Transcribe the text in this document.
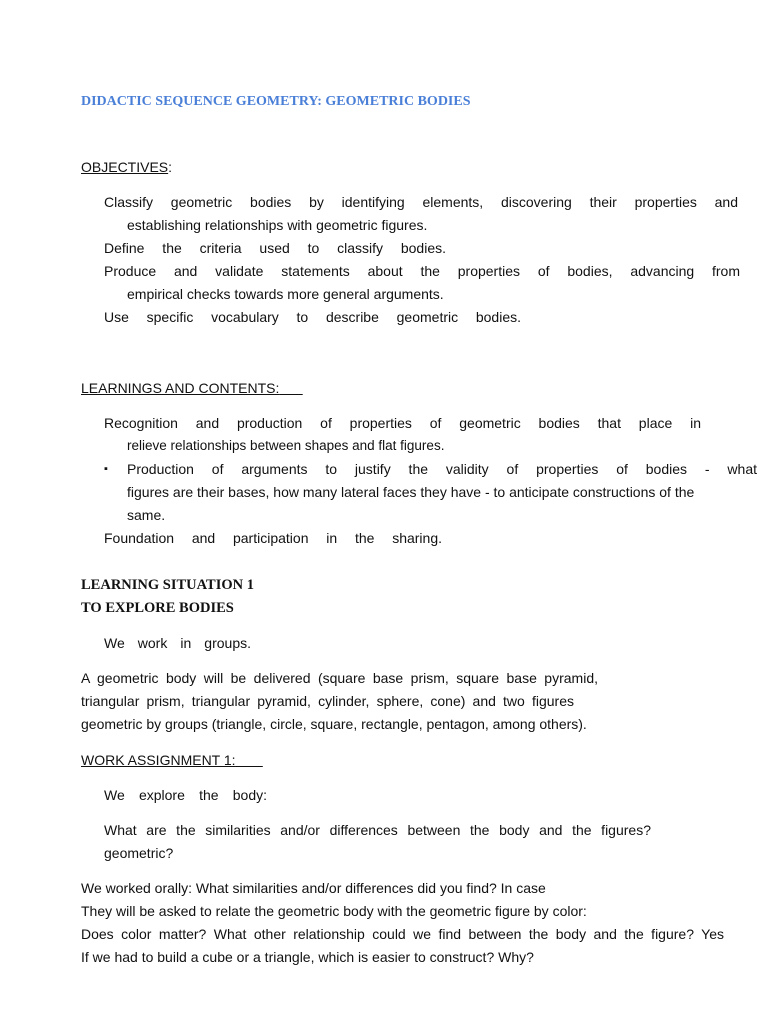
DIDACTIC SEQUENCE GEOMETRY: GEOMETRIC BODIES
OBJECTIVES:
Classify geometric bodies by identifying elements, discovering their properties and
establishing relationships with geometric figures.
Define the criteria used to classify bodies.
Produce and validate statements about the properties of bodies, advancing from
empirical checks towards more general arguments.
Use specific vocabulary to describe geometric bodies.
LEARNINGS AND CONTENTS:
Recognition and production of properties of geometric bodies that place in
relieve relationships between shapes and flat figures.
▪ Production of arguments to justify the validity of properties of bodies - what
figures are their bases, how many lateral faces they have - to anticipate constructions of the
same.
Foundation and participation in the sharing.
LEARNING SITUATION 1
TO EXPLORE BODIES
We work in groups.
A geometric body will be delivered (square base prism, square base pyramid,
triangular prism, triangular pyramid, cylinder, sphere, cone) and two figures
geometric by groups (triangle, circle, square, rectangle, pentagon, among others).
WORK ASSIGNMENT 1:
We explore the body:
What are the similarities and/or differences between the body and the figures?
geometric?
We worked orally: What similarities and/or differences did you find? In case
They will be asked to relate the geometric body with the geometric figure by color:
Does color matter? What other relationship could we find between the body and the figure? Yes
If we had to build a cube or a triangle, which is easier to construct? Why?
